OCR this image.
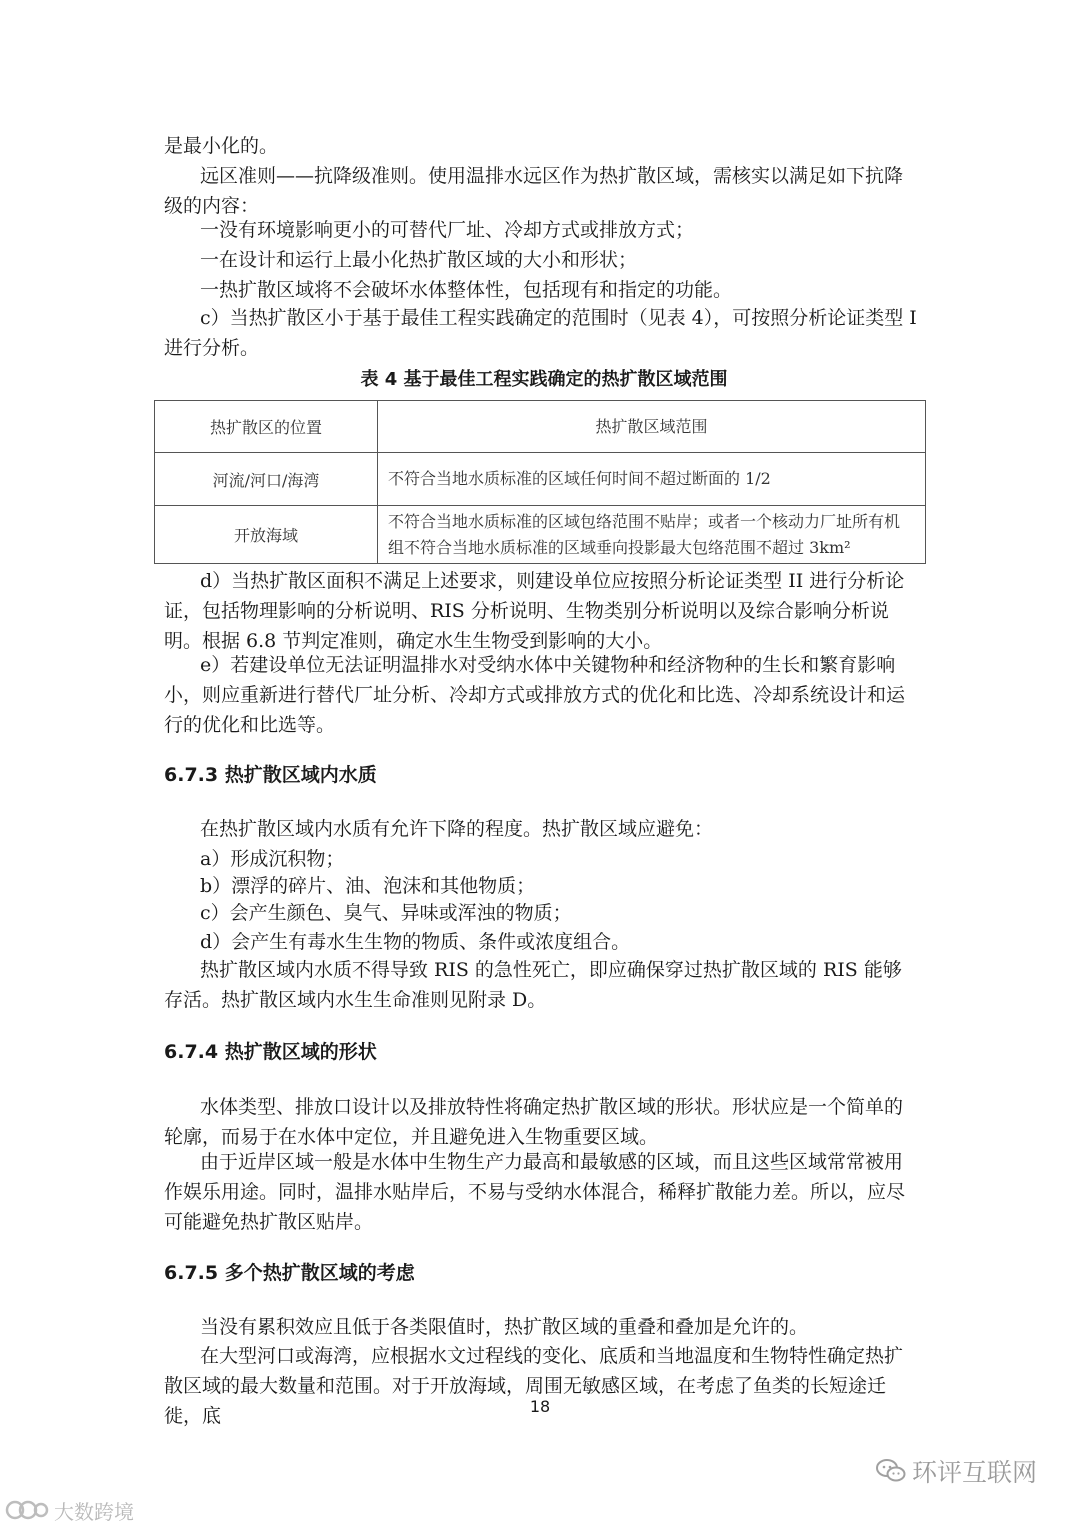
是最小化的。

远区准则——抗降级准则。使用温排水远区作为热扩散区域，需核实以满足如下抗降级的内容：

一没有环境影响更小的可替代厂址、冷却方式或排放方式；

一在设计和运行上最小化热扩散区域的大小和形状；

一热扩散区域将不会破坏水体整体性，包括现有和指定的功能。

c）当热扩散区小于基于最佳工程实践确定的范围时（见表 4），可按照分析论证类型 I 进行分析。

表 4 基于最佳工程实践确定的热扩散区域范围

热扩散区的位置	热扩散区域范围
河流/河口/海湾	不符合当地水质标准的区域任何时间不超过断面的 1/2
开放海域	不符合当地水质标准的区域包络范围不贴岸；或者一个核动力厂址所有机组不符合当地水质标准的区域垂向投影最大包络范围不超过 3km²

d）当热扩散区面积不满足上述要求，则建设单位应按照分析论证类型 II 进行分析论证，包括物理影响的分析说明、RIS 分析说明、生物类别分析说明以及综合影响分析说明。根据 6.8 节判定准则，确定水生生物受到影响的大小。

e）若建设单位无法证明温排水对受纳水体中关键物种和经济物种的生长和繁育影响小，则应重新进行替代厂址分析、冷却方式或排放方式的优化和比选、冷却系统设计和运行的优化和比选等。

6.7.3 热扩散区域内水质

在热扩散区域内水质有允许下降的程度。热扩散区域应避免：

a）形成沉积物；

b）漂浮的碎片、油、泡沫和其他物质；

c）会产生颜色、臭气、异味或浑浊的物质；

d）会产生有毒水生生物的物质、条件或浓度组合。

热扩散区域内水质不得导致 RIS 的急性死亡，即应确保穿过热扩散区域的 RIS 能够存活。热扩散区域内水生生命准则见附录 D。

6.7.4 热扩散区域的形状

水体类型、排放口设计以及排放特性将确定热扩散区域的形状。形状应是一个简单的轮廓，而易于在水体中定位，并且避免进入生物重要区域。

由于近岸区域一般是水体中生物生产力最高和最敏感的区域，而且这些区域常常被用作娱乐用途。同时，温排水贴岸后，不易与受纳水体混合，稀释扩散能力差。所以，应尽可能避免热扩散区贴岸。

6.7.5 多个热扩散区域的考虑

当没有累积效应且低于各类限值时，热扩散区域的重叠和叠加是允许的。

在大型河口或海湾，应根据水文过程线的变化、底质和当地温度和生物特性确定热扩散区域的最大数量和范围。对于开放海域，周围无敏感区域，在考虑了鱼类的长短途迁徙，底	18

环评互联网
大数跨境
